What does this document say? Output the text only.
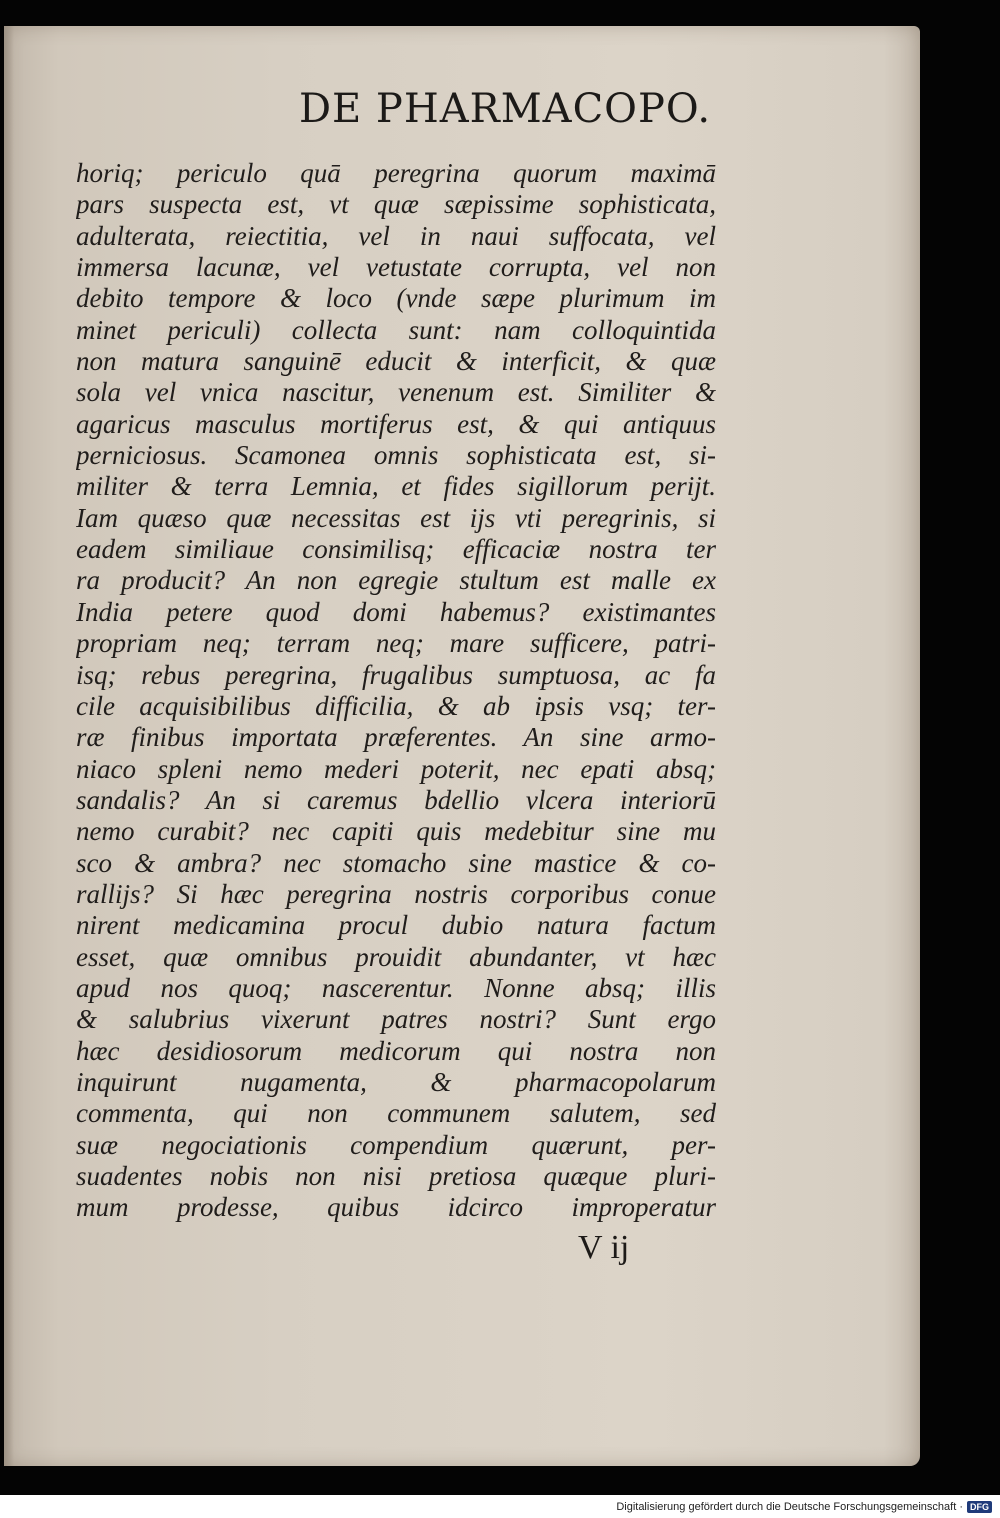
DE PHARMACOPO.
horiq; periculo quā peregrina quorum maximā
pars suspecta est, vt quæ sæpissime sophisticata,
adulterata, reiectitia, vel in naui suffocata, vel
immersa lacunæ, vel vetustate corrupta, vel non
debito tempore & loco (vnde sæpe plurimum im
minet periculi) collecta sunt: nam colloquintida
non matura sanguinē educit & interficit, & quæ
sola vel vnica nascitur, venenum est. Similiter &
agaricus masculus mortiferus est, & qui antiquus
perniciosus. Scamonea omnis sophisticata est, si-
militer & terra Lemnia, et fides sigillorum perijt.
Iam quæso quæ necessitas est ijs vti peregrinis, si
eadem similiaue consimilisq; efficaciæ nostra ter
ra producit? An non egregie stultum est malle ex
India petere quod domi habemus? existimantes
propriam neq; terram neq; mare sufficere, patri-
isq; rebus peregrina, frugalibus sumptuosa, ac fa
cile acquisibilibus difficilia, & ab ipsis vsq; ter-
ræ finibus importata præferentes. An sine armo-
niaco spleni nemo mederi poterit, nec epati absq;
sandalis? An si caremus bdellio vlcera interiorū
nemo curabit? nec capiti quis medebitur sine mu
sco & ambra? nec stomacho sine mastice & co-
rallijs? Si hæc peregrina nostris corporibus conue
nirent medicamina procul dubio natura factum
esset, quæ omnibus prouidit abundanter, vt hæc
apud nos quoq; nascerentur. Nonne absq; illis
& salubrius vixerunt patres nostri? Sunt ergo
hæc desidiosorum medicorum qui nostra non
inquirunt nugamenta, & pharmacopolarum
commenta, qui non communem salutem, sed
suæ negociationis compendium quærunt, per-
suadentes nobis non nisi pretiosa quæque pluri-
mum prodesse, quibus idcirco improperatur
V ij
Digitalisierung gefördert durch die Deutsche Forschungsgemeinschaft · DFG
